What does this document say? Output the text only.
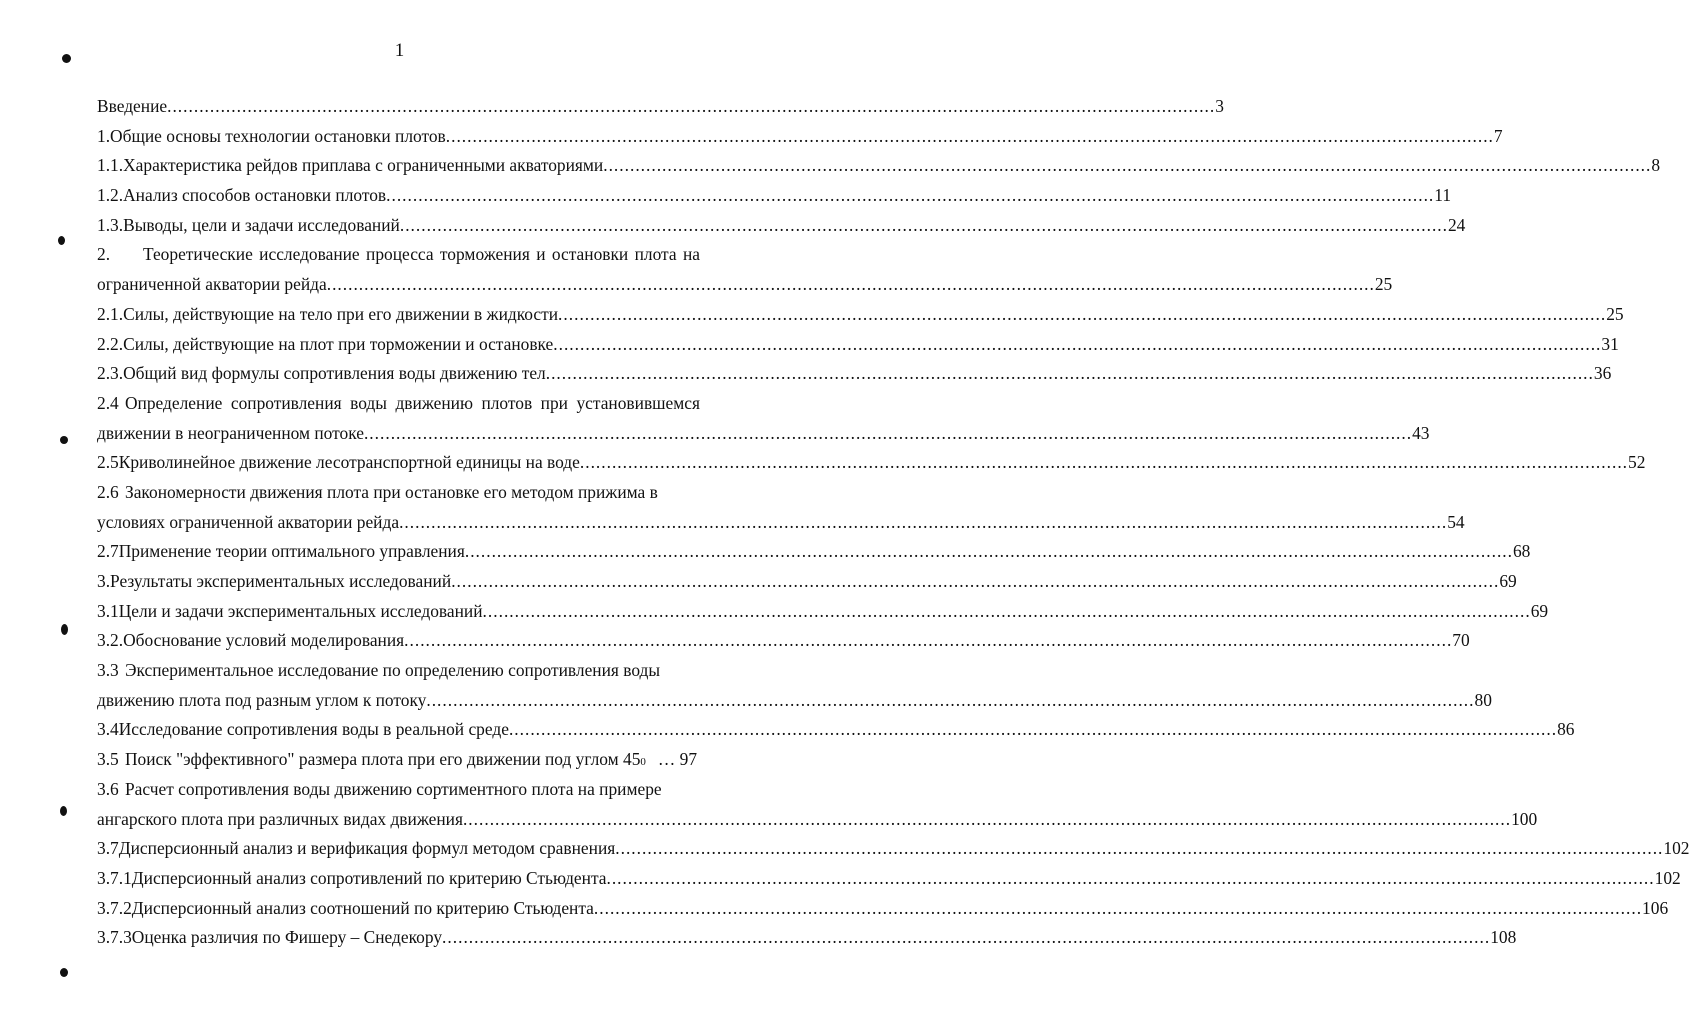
1
Введение .....	3
1. Общие основы технологии остановки плотов .....	7
1.1. Характеристика рейдов приплава с ограниченными акваториями .....	8
1.2. Анализ способов остановки плотов .....	11
1.3. Выводы, цели и задачи исследований .....	24
2.	Теоретические исследование процесса торможения и остановки плота на
ограниченной акватории рейда .....	25
2.1. Силы, действующие на тело при его движении в жидкости .....	25
2.2. Силы, действующие на плот при торможении и остановке .....	31
2.3. Общий вид формулы сопротивления воды движению тел .....	36
2.4 Определение сопротивления воды движению плотов при установившемся
движении в неограниченном потоке .....	43
2.5 Криволинейное движение лесотранспортной единицы на воде .....	52
2.6 Закономерности движения плота при остановке его методом прижима в
условиях ограниченной акватории рейда .....	54
2.7 Применение теории оптимального управления .....	68
3. Результаты экспериментальных исследований .....	69
3.1 Цели и задачи экспериментальных исследований .....	69
3.2. Обоснование условий моделирования .....	70
3.3 Экспериментальное исследование по определению сопротивления воды
движению плота под разным углом к потоку .....	80
3.4 Исследование сопротивления воды в реальной среде .....	86
3.5 Поиск "эффективного" размера плота при его движении под углом 45 0 … 97
3.6 Расчет сопротивления воды движению сортиментного плота на примере
ангарского плота при различных видах движения .....	100
3.7 Дисперсионный анализ и верификация формул методом сравнения .....	102
3.7.1 Дисперсионный анализ сопротивлений по критерию Стьюдента .....	102
3.7.2 Дисперсионный анализ соотношений по критерию Стьюдента .....	106
3.7.3 Оценка различия по Фишеру – Снедекору .....	108
